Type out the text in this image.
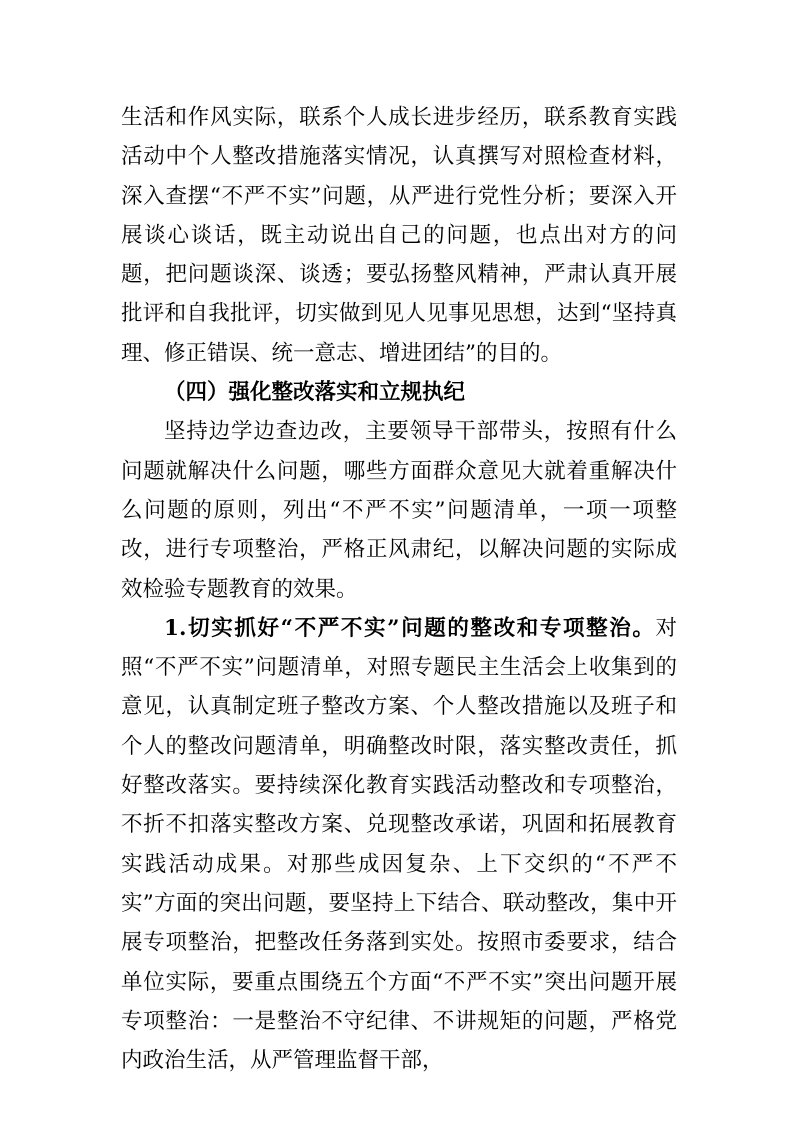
生活和作风实际，联系个人成长进步经历，联系教育实践活动中个人整改措施落实情况，认真撰写对照检查材料，深入查摆“不严不实”问题，从严进行党性分析；要深入开展谈心谈话，既主动说出自己的问题，也点出对方的问题，把问题谈深、谈透；要弘扬整风精神，严肃认真开展批评和自我批评，切实做到见人见事见思想，达到“坚持真理、修正错误、统一意志、增进团结”的目的。

（四）强化整改落实和立规执纪

坚持边学边查边改，主要领导干部带头，按照有什么问题就解决什么问题，哪些方面群众意见大就着重解决什么问题的原则，列出“不严不实”问题清单，一项一项整改，进行专项整治，严格正风肃纪，以解决问题的实际成效检验专题教育的效果。

1.切实抓好“不严不实”问题的整改和专项整治。对照“不严不实”问题清单，对照专题民主生活会上收集到的意见，认真制定班子整改方案、个人整改措施以及班子和个人的整改问题清单，明确整改时限，落实整改责任，抓好整改落实。要持续深化教育实践活动整改和专项整治，不折不扣落实整改方案、兑现整改承诺，巩固和拓展教育实践活动成果。对那些成因复杂、上下交织的“不严不实”方面的突出问题，要坚持上下结合、联动整改，集中开展专项整治，把整改任务落到实处。按照市委要求，结合单位实际，要重点围绕五个方面“不严不实”突出问题开展专项整治：一是整治不守纪律、不讲规矩的问题，严格党内政治生活，从严管理监督干部，
